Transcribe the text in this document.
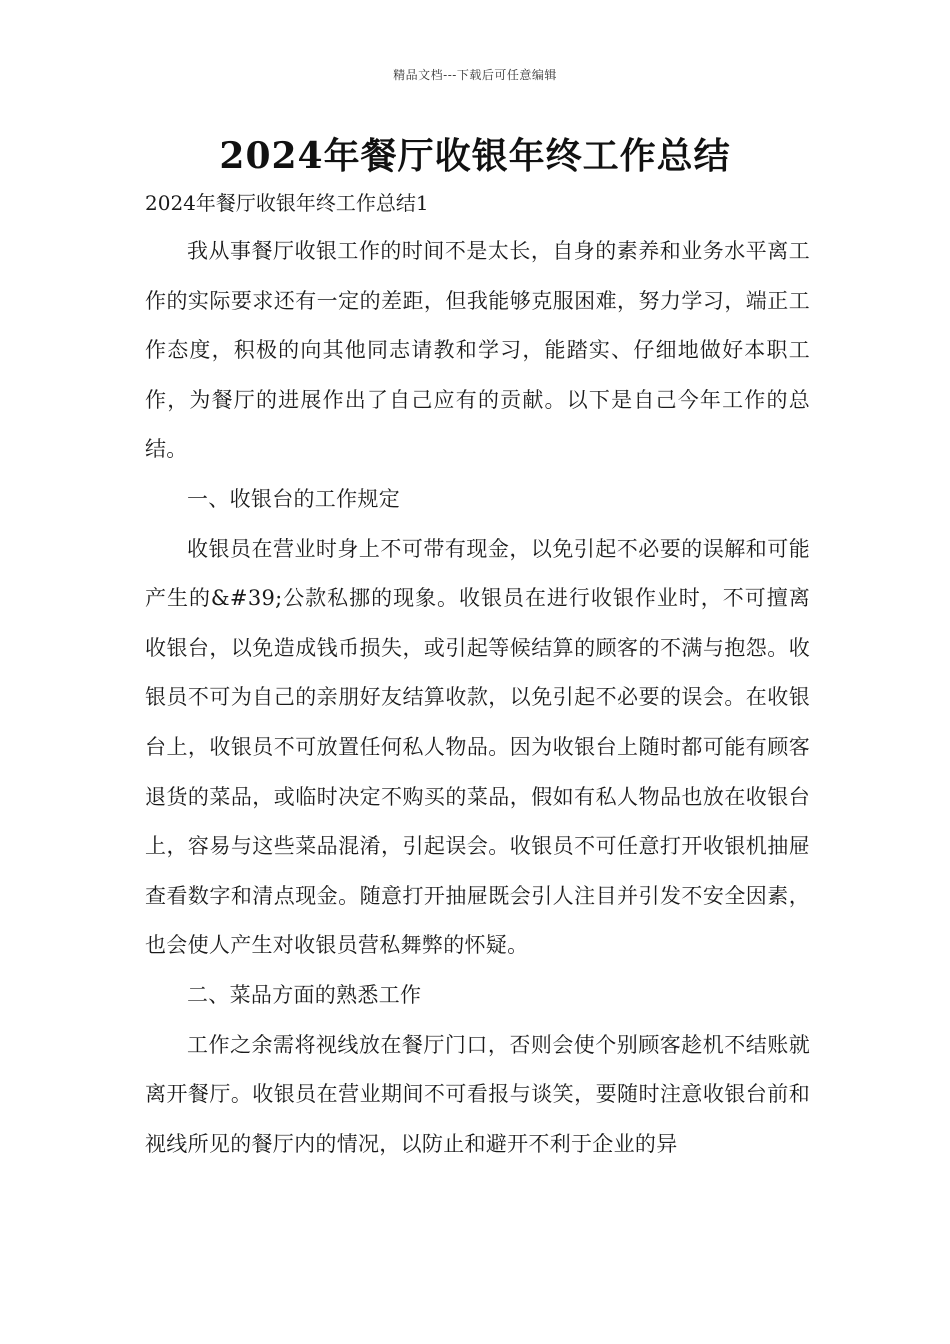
精品文档---下载后可任意编辑
2024年餐厅收银年终工作总结
2024年餐厅收银年终工作总结1

我从事餐厅收银工作的时间不是太长，自身的素养和业务水平离工作的实际要求还有一定的差距，但我能够克服困难，努力学习，端正工作态度，积极的向其他同志请教和学习，能踏实、仔细地做好本职工作，为餐厅的进展作出了自己应有的贡献。以下是自己今年工作的总结。

一、收银台的工作规定

收银员在营业时身上不可带有现金，以免引起不必要的误解和可能产生的&#39;公款私挪的现象。收银员在进行收银作业时，不可擅离收银台，以免造成钱币损失，或引起等候结算的顾客的不满与抱怨。收银员不可为自己的亲朋好友结算收款，以免引起不必要的误会。在收银台上，收银员不可放置任何私人物品。因为收银台上随时都可能有顾客退货的菜品，或临时决定不购买的菜品，假如有私人物品也放在收银台上，容易与这些菜品混淆，引起误会。收银员不可任意打开收银机抽屉查看数字和清点现金。随意打开抽屉既会引人注目并引发不安全因素，也会使人产生对收银员营私舞弊的怀疑。

二、菜品方面的熟悉工作

工作之余需将视线放在餐厅门口，否则会使个别顾客趁机不结账就离开餐厅。收银员在营业期间不可看报与谈笑，要随时注意收银台前和视线所见的餐厅内的情况，以防止和避开不利于企业的异
